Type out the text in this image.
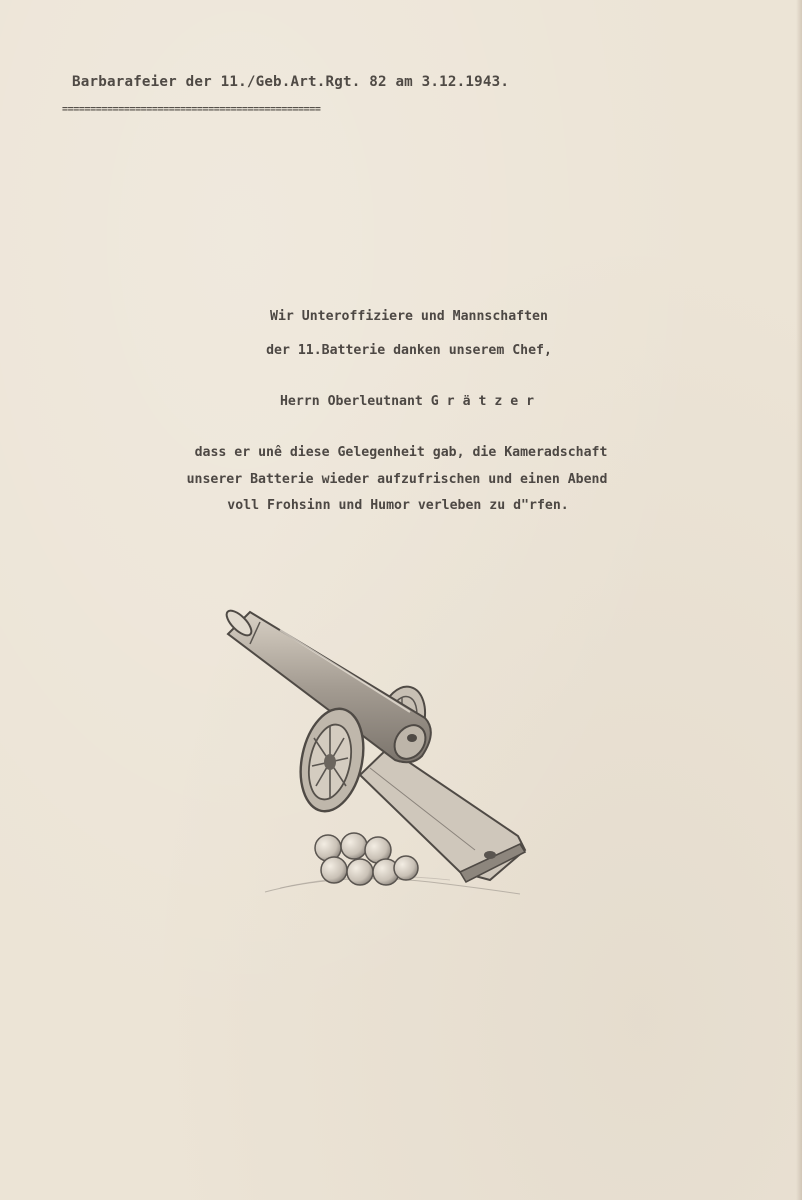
Barbarafeier der 11./Geb.Art.Rgt. 82 am 3.12.1943.
==============================================
Wir Unteroffiziere und Mannschaften
der 11.Batterie danken unserem Chef,
Herrn Oberleutnant G r ä t z e r
dass er unê diese Gelegenheit gab, die Kameradschaft
unserer Batterie wieder aufzufrischen und einen Abend
voll Frohsinn und Humor verleben zu d"rfen.
